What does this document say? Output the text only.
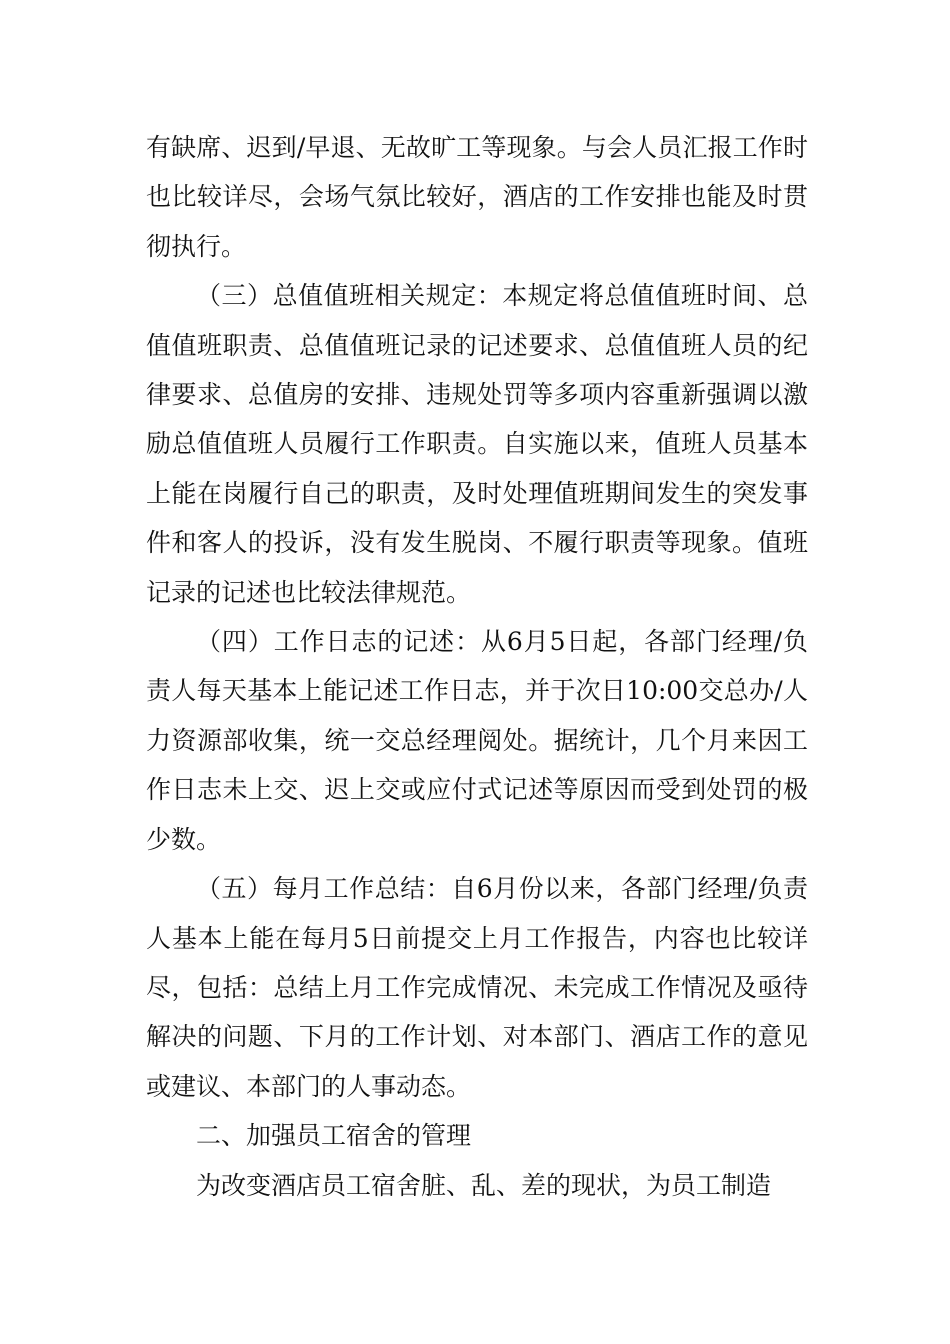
有缺席、迟到/早退、无故旷工等现象。与会人员汇报工作时也比较详尽，会场气氛比较好，酒店的工作安排也能及时贯彻执行。

（三）总值值班相关规定：本规定将总值值班时间、总值值班职责、总值值班记录的记述要求、总值值班人员的纪律要求、总值房的安排、违规处罚等多项内容重新强调以激励总值值班人员履行工作职责。自实施以来，值班人员基本上能在岗履行自己的职责，及时处理值班期间发生的突发事件和客人的投诉，没有发生脱岗、不履行职责等现象。值班记录的记述也比较法律规范。

（四）工作日志的记述：从6月5日起，各部门经理/负责人每天基本上能记述工作日志，并于次日10:00交总办/人力资源部收集，统一交总经理阅处。据统计，几个月来因工作日志未上交、迟上交或应付式记述等原因而受到处罚的极少数。

（五）每月工作总结：自6月份以来，各部门经理/负责人基本上能在每月5日前提交上月工作报告，内容也比较详尽，包括：总结上月工作完成情况、未完成工作情况及亟待解决的问题、下月的工作计划、对本部门、酒店工作的意见或建议、本部门的人事动态。

二、加强员工宿舍的管理

为改变酒店员工宿舍脏、乱、差的现状，为员工制造
